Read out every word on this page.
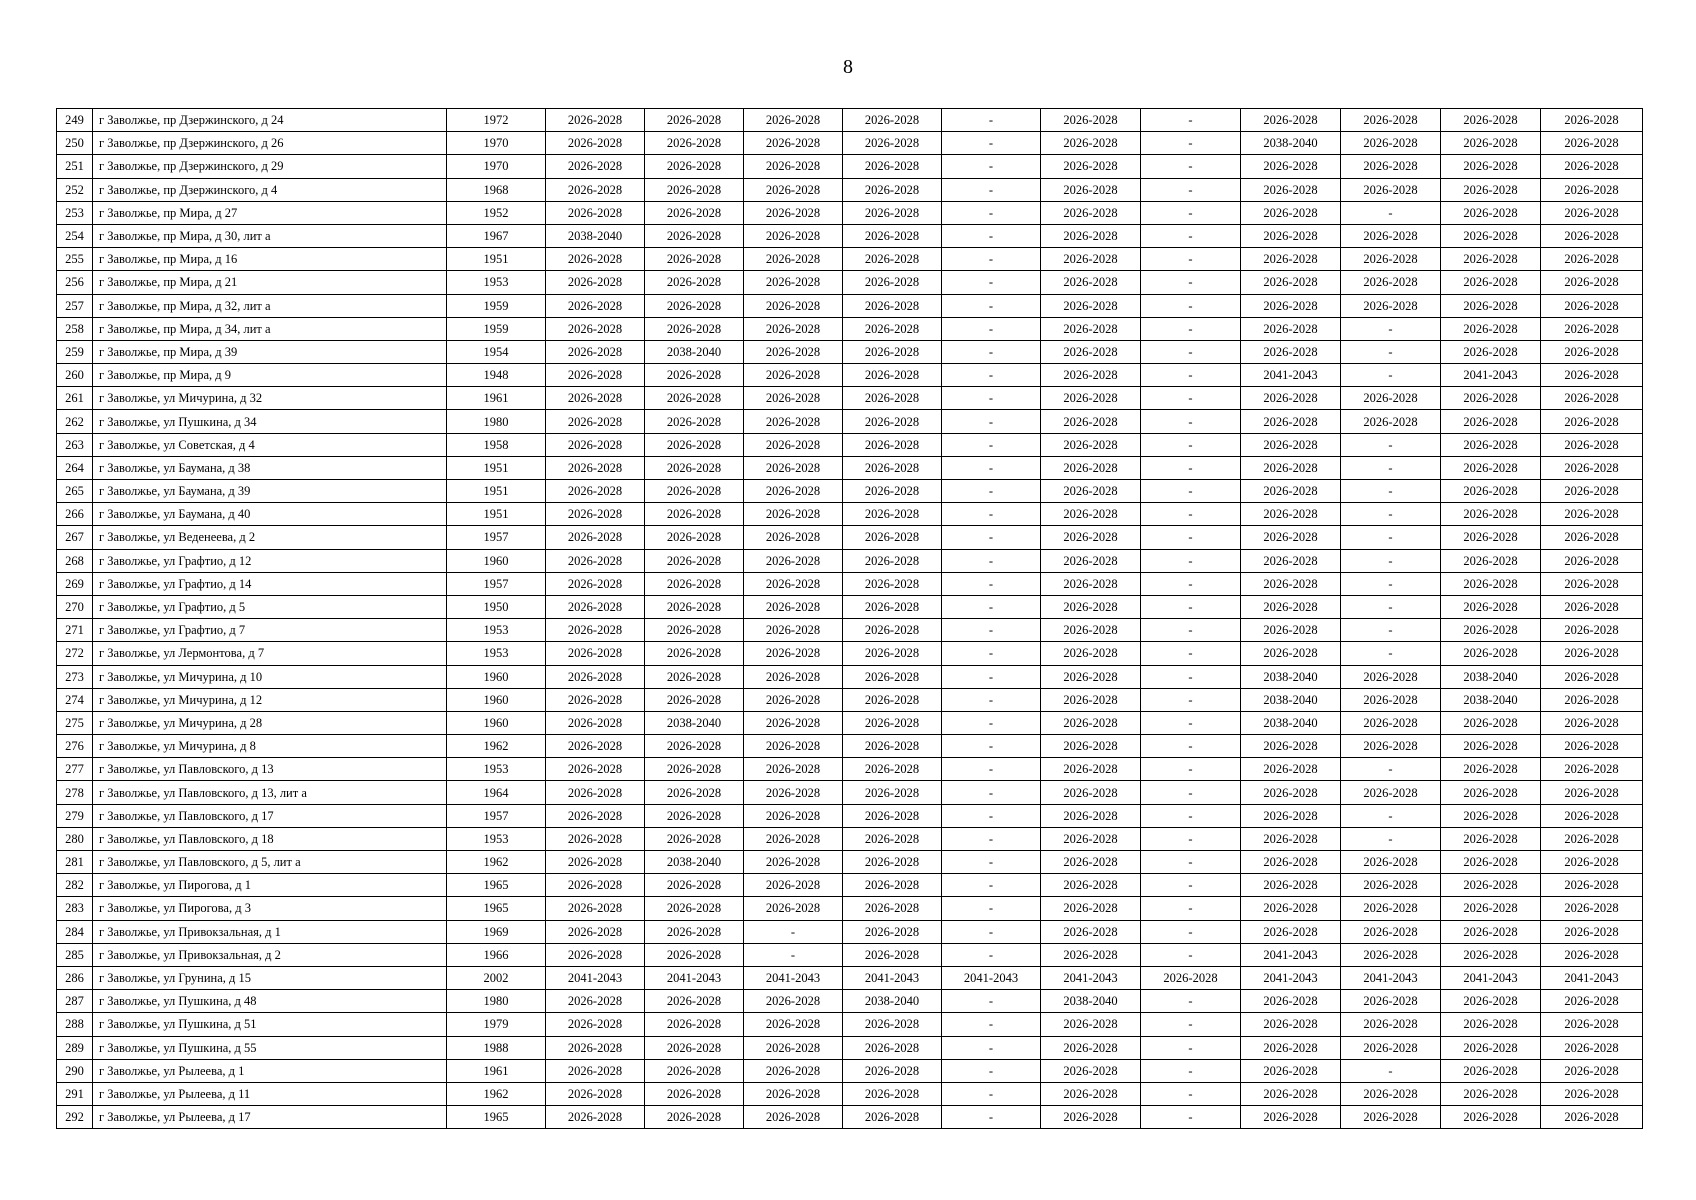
8
249	г Заволжье, пр Дзержинского, д 24	1972	2026-2028	2026-2028	2026-2028	2026-2028	-	2026-2028	-	2026-2028	2026-2028	2026-2028	2026-2028
250	г Заволжье, пр Дзержинского, д 26	1970	2026-2028	2026-2028	2026-2028	2026-2028	-	2026-2028	-	2038-2040	2026-2028	2026-2028	2026-2028
251	г Заволжье, пр Дзержинского, д 29	1970	2026-2028	2026-2028	2026-2028	2026-2028	-	2026-2028	-	2026-2028	2026-2028	2026-2028	2026-2028
252	г Заволжье, пр Дзержинского, д 4	1968	2026-2028	2026-2028	2026-2028	2026-2028	-	2026-2028	-	2026-2028	2026-2028	2026-2028	2026-2028
253	г Заволжье, пр Мира, д 27	1952	2026-2028	2026-2028	2026-2028	2026-2028	-	2026-2028	-	2026-2028	-	2026-2028	2026-2028
254	г Заволжье, пр Мира, д 30, лит а	1967	2038-2040	2026-2028	2026-2028	2026-2028	-	2026-2028	-	2026-2028	2026-2028	2026-2028	2026-2028
255	г Заволжье, пр Мира, д 16	1951	2026-2028	2026-2028	2026-2028	2026-2028	-	2026-2028	-	2026-2028	2026-2028	2026-2028	2026-2028
256	г Заволжье, пр Мира, д 21	1953	2026-2028	2026-2028	2026-2028	2026-2028	-	2026-2028	-	2026-2028	2026-2028	2026-2028	2026-2028
257	г Заволжье, пр Мира, д 32, лит а	1959	2026-2028	2026-2028	2026-2028	2026-2028	-	2026-2028	-	2026-2028	2026-2028	2026-2028	2026-2028
258	г Заволжье, пр Мира, д 34, лит а	1959	2026-2028	2026-2028	2026-2028	2026-2028	-	2026-2028	-	2026-2028	-	2026-2028	2026-2028
259	г Заволжье, пр Мира, д 39	1954	2026-2028	2038-2040	2026-2028	2026-2028	-	2026-2028	-	2026-2028	-	2026-2028	2026-2028
260	г Заволжье, пр Мира, д 9	1948	2026-2028	2026-2028	2026-2028	2026-2028	-	2026-2028	-	2041-2043	-	2041-2043	2026-2028
261	г Заволжье, ул Мичурина, д 32	1961	2026-2028	2026-2028	2026-2028	2026-2028	-	2026-2028	-	2026-2028	2026-2028	2026-2028	2026-2028
262	г Заволжье, ул Пушкина, д 34	1980	2026-2028	2026-2028	2026-2028	2026-2028	-	2026-2028	-	2026-2028	2026-2028	2026-2028	2026-2028
263	г Заволжье, ул Советская, д 4	1958	2026-2028	2026-2028	2026-2028	2026-2028	-	2026-2028	-	2026-2028	-	2026-2028	2026-2028
264	г Заволжье, ул Баумана, д 38	1951	2026-2028	2026-2028	2026-2028	2026-2028	-	2026-2028	-	2026-2028	-	2026-2028	2026-2028
265	г Заволжье, ул Баумана, д 39	1951	2026-2028	2026-2028	2026-2028	2026-2028	-	2026-2028	-	2026-2028	-	2026-2028	2026-2028
266	г Заволжье, ул Баумана, д 40	1951	2026-2028	2026-2028	2026-2028	2026-2028	-	2026-2028	-	2026-2028	-	2026-2028	2026-2028
267	г Заволжье, ул Веденеева, д 2	1957	2026-2028	2026-2028	2026-2028	2026-2028	-	2026-2028	-	2026-2028	-	2026-2028	2026-2028
268	г Заволжье, ул Графтио, д 12	1960	2026-2028	2026-2028	2026-2028	2026-2028	-	2026-2028	-	2026-2028	-	2026-2028	2026-2028
269	г Заволжье, ул Графтио, д 14	1957	2026-2028	2026-2028	2026-2028	2026-2028	-	2026-2028	-	2026-2028	-	2026-2028	2026-2028
270	г Заволжье, ул Графтио, д 5	1950	2026-2028	2026-2028	2026-2028	2026-2028	-	2026-2028	-	2026-2028	-	2026-2028	2026-2028
271	г Заволжье, ул Графтио, д 7	1953	2026-2028	2026-2028	2026-2028	2026-2028	-	2026-2028	-	2026-2028	-	2026-2028	2026-2028
272	г Заволжье, ул Лермонтова, д 7	1953	2026-2028	2026-2028	2026-2028	2026-2028	-	2026-2028	-	2026-2028	-	2026-2028	2026-2028
273	г Заволжье, ул Мичурина, д 10	1960	2026-2028	2026-2028	2026-2028	2026-2028	-	2026-2028	-	2038-2040	2026-2028	2038-2040	2026-2028
274	г Заволжье, ул Мичурина, д 12	1960	2026-2028	2026-2028	2026-2028	2026-2028	-	2026-2028	-	2038-2040	2026-2028	2038-2040	2026-2028
275	г Заволжье, ул Мичурина, д 28	1960	2026-2028	2038-2040	2026-2028	2026-2028	-	2026-2028	-	2038-2040	2026-2028	2026-2028	2026-2028
276	г Заволжье, ул Мичурина, д 8	1962	2026-2028	2026-2028	2026-2028	2026-2028	-	2026-2028	-	2026-2028	2026-2028	2026-2028	2026-2028
277	г Заволжье, ул Павловского, д 13	1953	2026-2028	2026-2028	2026-2028	2026-2028	-	2026-2028	-	2026-2028	-	2026-2028	2026-2028
278	г Заволжье, ул Павловского, д 13, лит а	1964	2026-2028	2026-2028	2026-2028	2026-2028	-	2026-2028	-	2026-2028	2026-2028	2026-2028	2026-2028
279	г Заволжье, ул Павловского, д 17	1957	2026-2028	2026-2028	2026-2028	2026-2028	-	2026-2028	-	2026-2028	-	2026-2028	2026-2028
280	г Заволжье, ул Павловского, д 18	1953	2026-2028	2026-2028	2026-2028	2026-2028	-	2026-2028	-	2026-2028	-	2026-2028	2026-2028
281	г Заволжье, ул Павловского, д 5, лит а	1962	2026-2028	2038-2040	2026-2028	2026-2028	-	2026-2028	-	2026-2028	2026-2028	2026-2028	2026-2028
282	г Заволжье, ул Пирогова, д 1	1965	2026-2028	2026-2028	2026-2028	2026-2028	-	2026-2028	-	2026-2028	2026-2028	2026-2028	2026-2028
283	г Заволжье, ул Пирогова, д 3	1965	2026-2028	2026-2028	2026-2028	2026-2028	-	2026-2028	-	2026-2028	2026-2028	2026-2028	2026-2028
284	г Заволжье, ул Привокзальная, д 1	1969	2026-2028	2026-2028	-	2026-2028	-	2026-2028	-	2026-2028	2026-2028	2026-2028	2026-2028
285	г Заволжье, ул Привокзальная, д 2	1966	2026-2028	2026-2028	-	2026-2028	-	2026-2028	-	2041-2043	2026-2028	2026-2028	2026-2028
286	г Заволжье, ул Грунина, д 15	2002	2041-2043	2041-2043	2041-2043	2041-2043	2041-2043	2041-2043	2026-2028	2041-2043	2041-2043	2041-2043	2041-2043
287	г Заволжье, ул Пушкина, д 48	1980	2026-2028	2026-2028	2026-2028	2038-2040	-	2038-2040	-	2026-2028	2026-2028	2026-2028	2026-2028
288	г Заволжье, ул Пушкина, д 51	1979	2026-2028	2026-2028	2026-2028	2026-2028	-	2026-2028	-	2026-2028	2026-2028	2026-2028	2026-2028
289	г Заволжье, ул Пушкина, д 55	1988	2026-2028	2026-2028	2026-2028	2026-2028	-	2026-2028	-	2026-2028	2026-2028	2026-2028	2026-2028
290	г Заволжье, ул Рылеева, д 1	1961	2026-2028	2026-2028	2026-2028	2026-2028	-	2026-2028	-	2026-2028	-	2026-2028	2026-2028
291	г Заволжье, ул Рылеева, д 11	1962	2026-2028	2026-2028	2026-2028	2026-2028	-	2026-2028	-	2026-2028	2026-2028	2026-2028	2026-2028
292	г Заволжье, ул Рылеева, д 17	1965	2026-2028	2026-2028	2026-2028	2026-2028	-	2026-2028	-	2026-2028	2026-2028	2026-2028	2026-2028
